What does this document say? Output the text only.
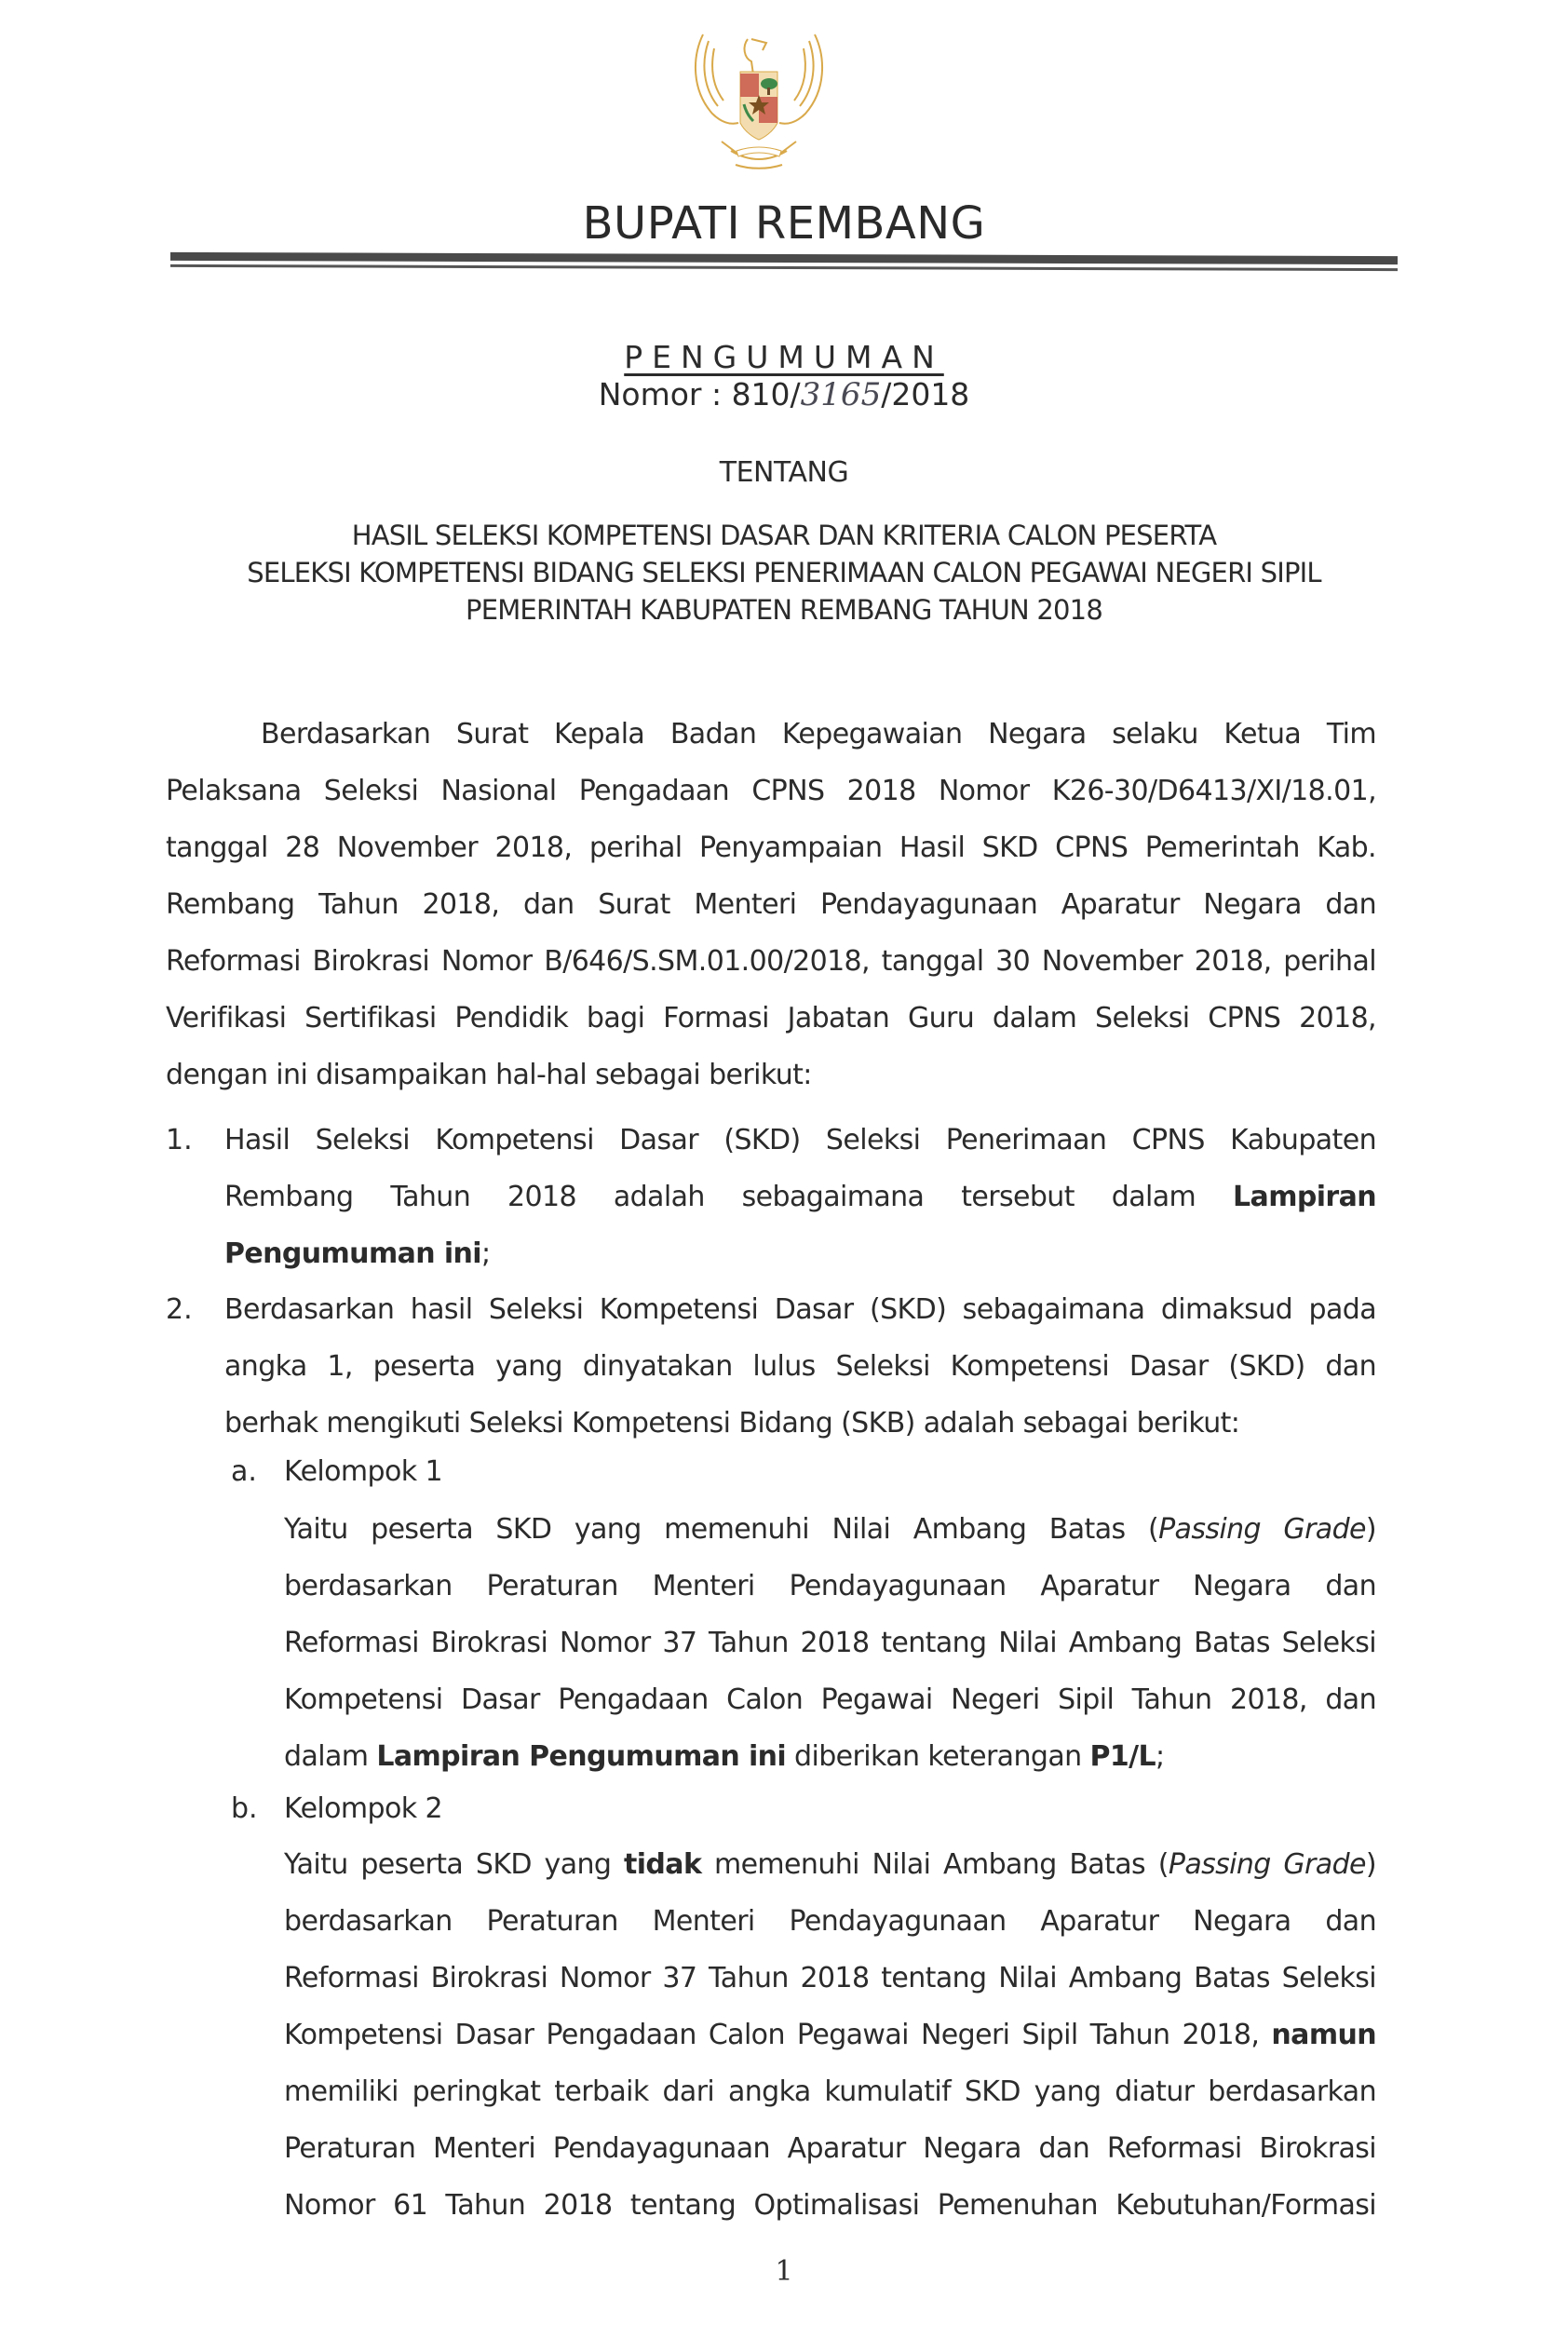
BUPATI REMBANG
PENGUMUMAN
Nomor : 810/3165/2018
TENTANG
HASIL SELEKSI KOMPETENSI DASAR DAN KRITERIA CALON PESERTA
SELEKSI KOMPETENSI BIDANG SELEKSI PENERIMAAN CALON PEGAWAI NEGERI SIPIL
PEMERINTAH KABUPATEN REMBANG TAHUN 2018
Berdasarkan Surat Kepala Badan Kepegawaian Negara selaku Ketua Tim
Pelaksana Seleksi Nasional Pengadaan CPNS 2018 Nomor K26-30/D6413/XI/18.01,
tanggal 28 November 2018, perihal Penyampaian Hasil SKD CPNS Pemerintah Kab.
Rembang Tahun 2018, dan Surat Menteri Pendayagunaan Aparatur Negara dan
Reformasi Birokrasi Nomor B/646/S.SM.01.00/2018, tanggal 30 November 2018, perihal
Verifikasi Sertifikasi Pendidik bagi Formasi Jabatan Guru dalam Seleksi CPNS 2018,
dengan ini disampaikan hal-hal sebagai berikut:
1. Hasil Seleksi Kompetensi Dasar (SKD) Seleksi Penerimaan CPNS Kabupaten
Rembang Tahun 2018 adalah sebagaimana tersebut dalam Lampiran
Pengumuman ini;
2. Berdasarkan hasil Seleksi Kompetensi Dasar (SKD) sebagaimana dimaksud pada
angka 1, peserta yang dinyatakan lulus Seleksi Kompetensi Dasar (SKD) dan
berhak mengikuti Seleksi Kompetensi Bidang (SKB) adalah sebagai berikut:
a. Kelompok 1
Yaitu peserta SKD yang memenuhi Nilai Ambang Batas (Passing Grade)
berdasarkan Peraturan Menteri Pendayagunaan Aparatur Negara dan
Reformasi Birokrasi Nomor 37 Tahun 2018 tentang Nilai Ambang Batas Seleksi
Kompetensi Dasar Pengadaan Calon Pegawai Negeri Sipil Tahun 2018, dan
dalam Lampiran Pengumuman ini diberikan keterangan P1/L;
b. Kelompok 2
Yaitu peserta SKD yang tidak memenuhi Nilai Ambang Batas (Passing Grade)
berdasarkan Peraturan Menteri Pendayagunaan Aparatur Negara dan
Reformasi Birokrasi Nomor 37 Tahun 2018 tentang Nilai Ambang Batas Seleksi
Kompetensi Dasar Pengadaan Calon Pegawai Negeri Sipil Tahun 2018, namun
memiliki peringkat terbaik dari angka kumulatif SKD yang diatur berdasarkan
Peraturan Menteri Pendayagunaan Aparatur Negara dan Reformasi Birokrasi
Nomor 61 Tahun 2018 tentang Optimalisasi Pemenuhan Kebutuhan/Formasi
1
